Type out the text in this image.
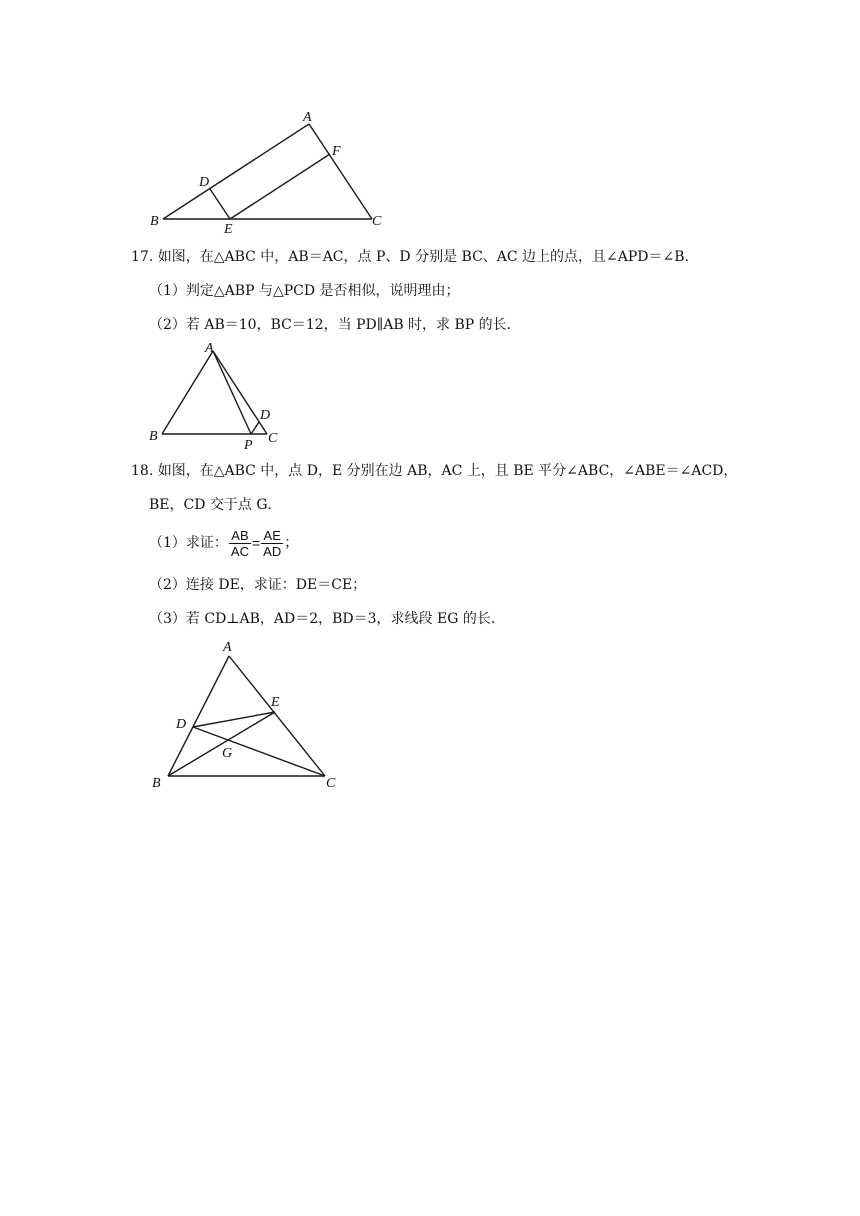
A
B	C
D
E
F
17. 如图，在△ABC 中，AB＝AC，点 P、D 分别是 BC、AC 边上的点，且∠APD＝∠B．
（1）判定△ABP 与△PCD 是否相似，说明理由；
（2）若 AB＝10，BC＝12，当 PD∥AB 时，求 BP 的长．
A
B	C
D
P
18. 如图，在△ABC 中，点 D，E 分别在边 AB，AC 上，且 BE 平分∠ABC，∠ABE＝∠ACD，
BE，CD 交于点 G．
（1）求证： $\frac{AB}{AC} = \frac{AE}{AD}$ ；
（2）连接 DE，求证：DE＝CE；
（3）若 CD⊥AB，AD＝2，BD＝3，求线段 EG 的长．
A
B	C
D
E
G
